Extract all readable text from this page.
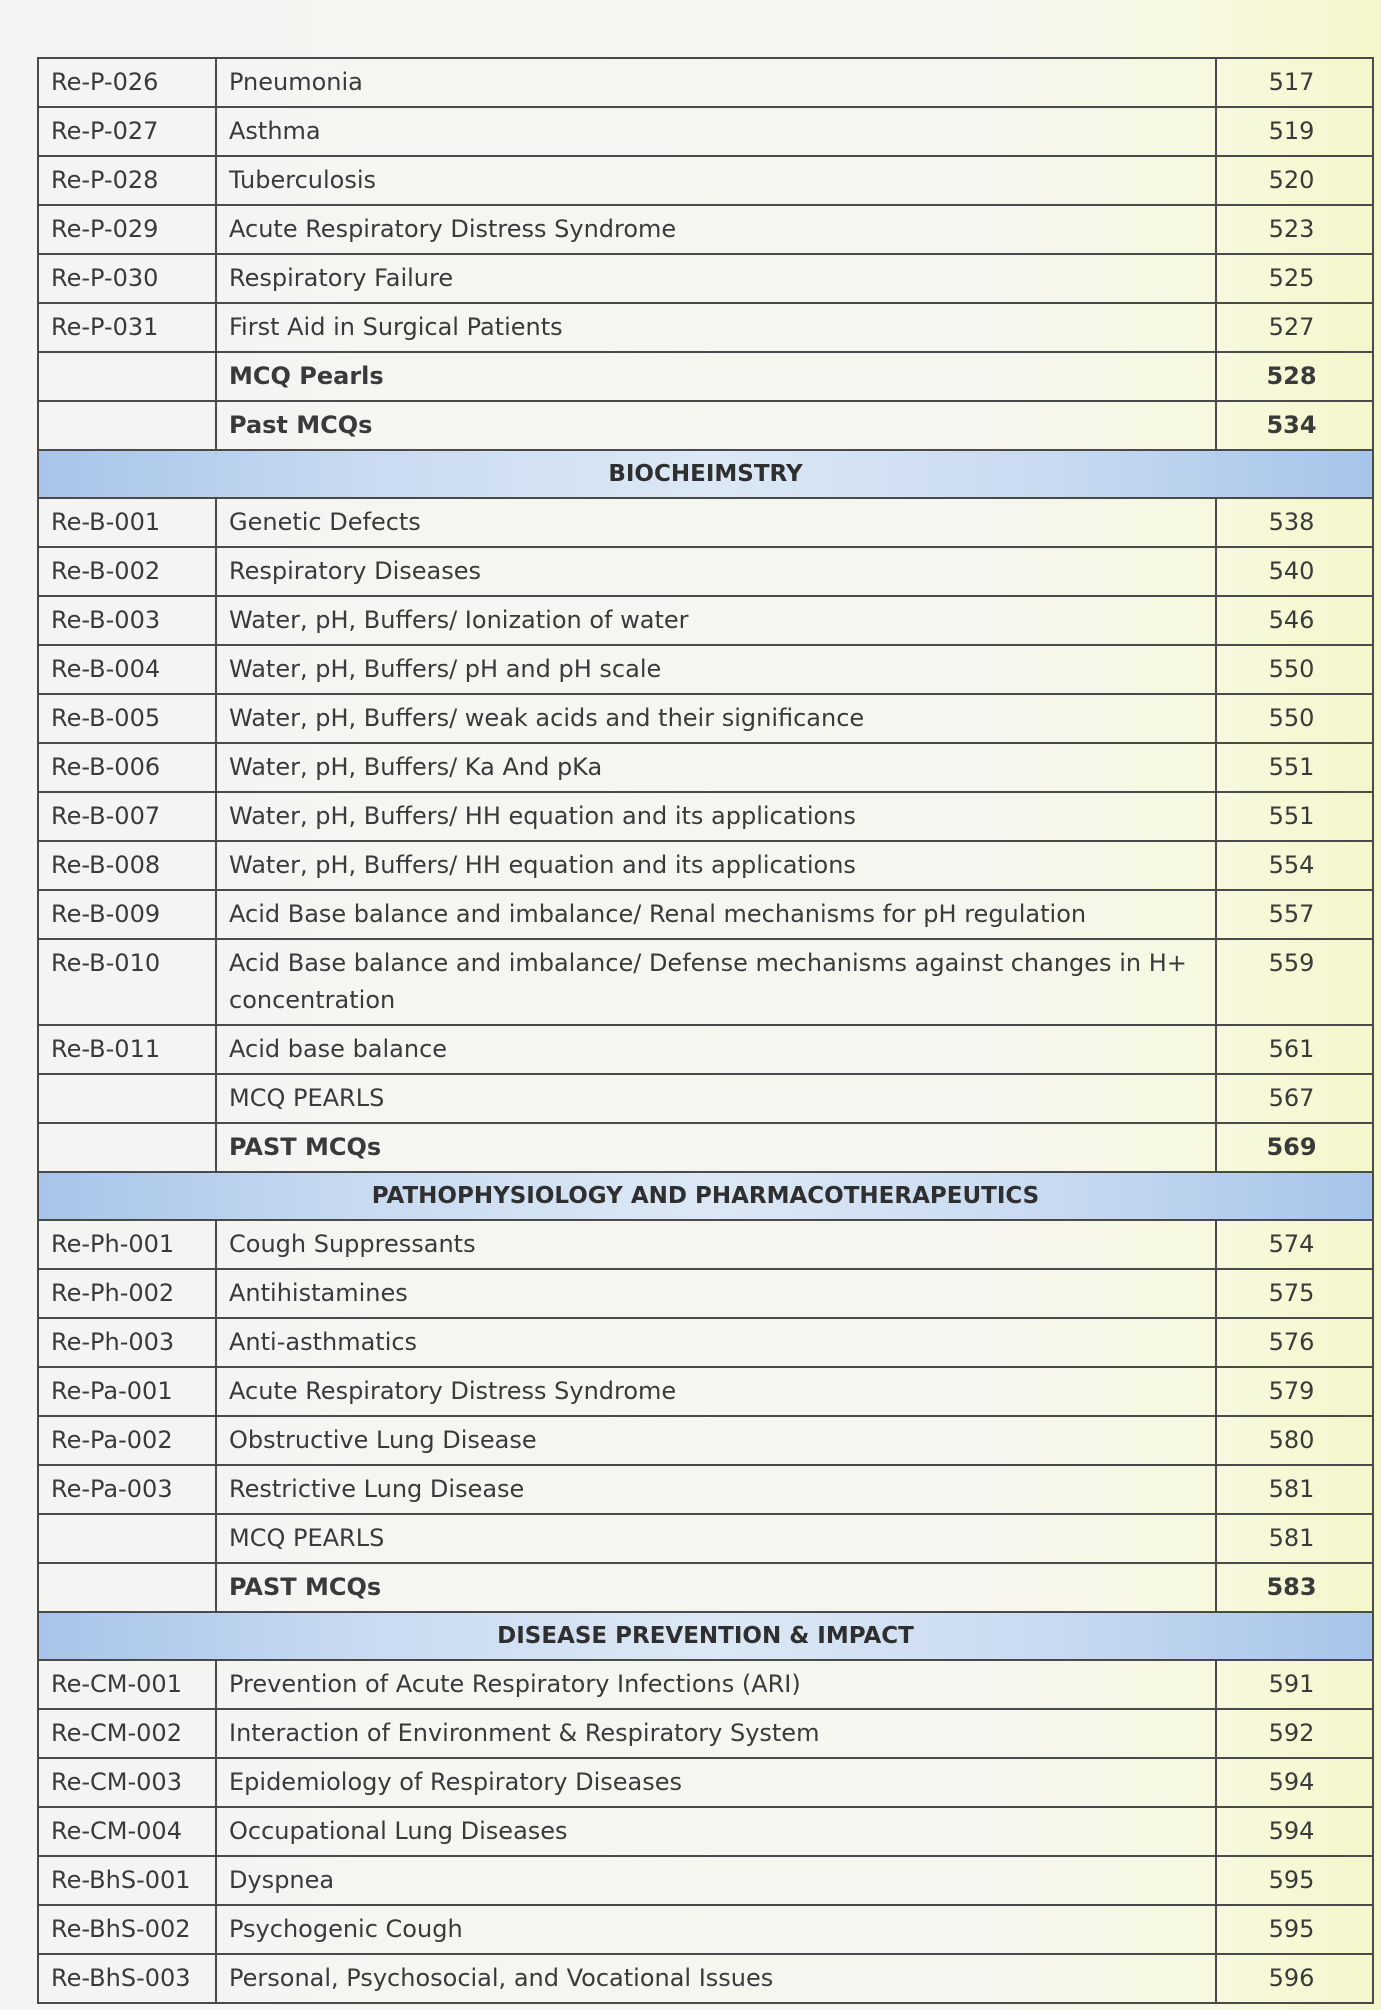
Re-P-026	Pneumonia	517
Re-P-027	Asthma	519
Re-P-028	Tuberculosis	520
Re-P-029	Acute Respiratory Distress Syndrome	523
Re-P-030	Respiratory Failure	525
Re-P-031	First Aid in Surgical Patients	527
	MCQ Pearls	528
	Past MCQs	534
BIOCHEIMSTRY		
Re-B-001	Genetic Defects	538
Re-B-002	Respiratory Diseases	540
Re-B-003	Water, pH, Buffers/ Ionization of water	546
Re-B-004	Water, pH, Buffers/ pH and pH scale	550
Re-B-005	Water, pH, Buffers/ weak acids and their significance	550
Re-B-006	Water, pH, Buffers/ Ka And pKa	551
Re-B-007	Water, pH, Buffers/ HH equation and its applications	551
Re-B-008	Water, pH, Buffers/ HH equation and its applications	554
Re-B-009	Acid Base balance and imbalance/ Renal mechanisms for pH regulation	557
Re-B-010	Acid Base balance and imbalance/ Defense mechanisms against changes in H+ concentration	559
Re-B-011	Acid base balance	561
	MCQ PEARLS	567
	PAST MCQs	569
PATHOPHYSIOLOGY AND PHARMACOTHERAPEUTICS		
Re-Ph-001	Cough Suppressants	574
Re-Ph-002	Antihistamines	575
Re-Ph-003	Anti-asthmatics	576
Re-Pa-001	Acute Respiratory Distress Syndrome	579
Re-Pa-002	Obstructive Lung Disease	580
Re-Pa-003	Restrictive Lung Disease	581
	MCQ PEARLS	581
	PAST MCQs	583
DISEASE PREVENTION & IMPACT		
Re-CM-001	Prevention of Acute Respiratory Infections (ARI)	591
Re-CM-002	Interaction of Environment & Respiratory System	592
Re-CM-003	Epidemiology of Respiratory Diseases	594
Re-CM-004	Occupational Lung Diseases	594
Re-BhS-001	Dyspnea	595
Re-BhS-002	Psychogenic Cough	595
Re-BhS-003	Personal, Psychosocial, and Vocational Issues	596
